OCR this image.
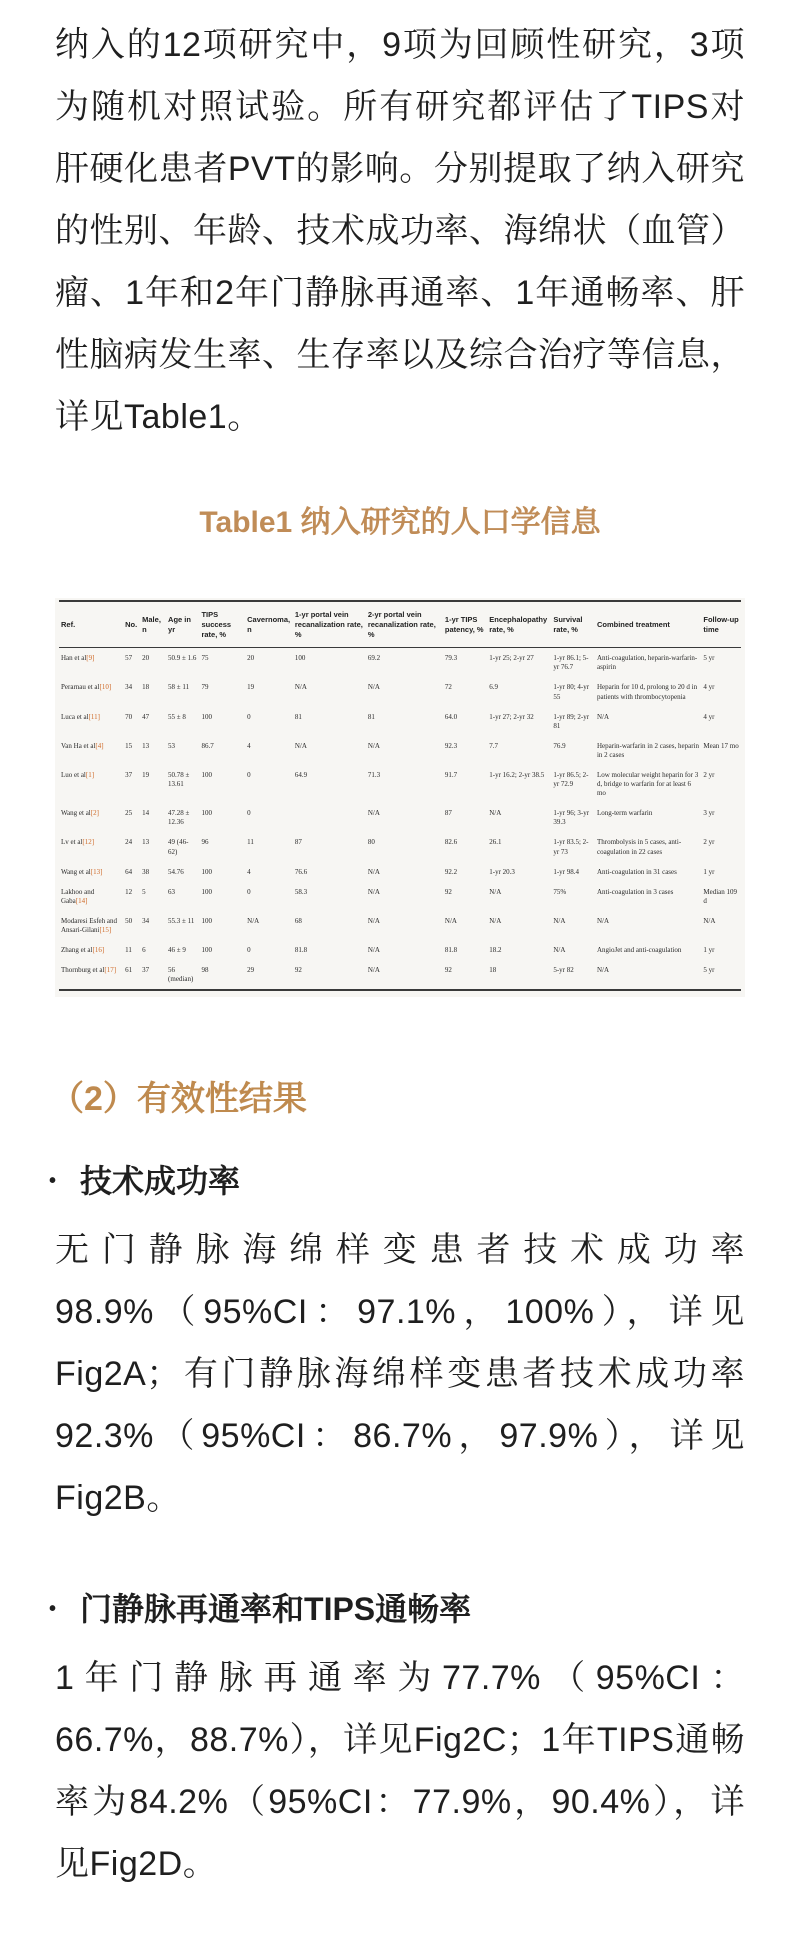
纳入的12项研究中，9项为回顾性研究，3项为随机对照试验。所有研究都评估了TIPS对肝硬化患者PVT的影响。分别提取了纳入研究的性别、年龄、技术成功率、海绵状（血管）瘤、1年和2年门静脉再通率、1年通畅率、肝性脑病发生率、生存率以及综合治疗等信息，详见Table1。

Table1 纳入研究的人口学信息
Ref.	No.	Male, n	Age in yr	TIPS success rate, %	Cavernoma, n	1-yr portal vein recanalization rate, %	2-yr portal vein recanalization rate, %	1-yr TIPS patency, %	Encephalopathy rate, %	Survival rate, %	Combined treatment	Follow-up time
Han et al[9]	57	20	50.9 ± 1.6	75	20	100	69.2	79.3	1-yr 25; 2-yr 27	1-yr 86.1; 5-yr 76.7	Anti-coagulation, heparin-warfarin-aspirin	5 yr
Perarnau et al[10]	34	18	58 ± 11	79	19	N/A	N/A	72	6.9	1-yr 80; 4-yr 55	Heparin for 10 d, prolong to 20 d in patients with thrombocytopenia	4 yr
Luca et al[11]	70	47	55 ± 8	100	0	81	81	64.0	1-yr 27; 2-yr 32	1-yr 89; 2-yr 81	N/A	4 yr
Van Ha et al[4]	15	13	53	86.7	4	N/A	N/A	92.3	7.7	76.9	Heparin-warfarin in 2 cases, heparin in 2 cases	Mean 17 mo
Luo et al[1]	37	19	50.78 ± 13.61	100	0	64.9	71.3	91.7	1-yr 16.2; 2-yr 38.5	1-yr 86.5; 2-yr 72.9	Low molecular weight heparin for 3 d, bridge to warfarin for at least 6 mo	2 yr
Wang et al[2]	25	14	47.28 ± 12.36	100	0		N/A	87	N/A	1-yr 96; 3-yr 39.3	Long-term warfarin	3 yr
Lv et al[12]	24	13	49 (46-62)	96	11	87	80	82.6	26.1	1-yr 83.5; 2-yr 73	Thrombolysis in 5 cases, anti-coagulation in 22 cases	2 yr
Wang et al[13]	64	38	54.76	100	4	76.6	N/A	92.2	1-yr 20.3	1-yr 98.4	Anti-coagulation in 31 cases	1 yr
Lakhoo and Gaba[14]	12	5	63	100	0	58.3	N/A	92	N/A	75%	Anti-coagulation in 3 cases	Median 109 d
Modaresi Esfeh and Ansari-Gilani[15]	50	34	55.3 ± 11	100	N/A	68	N/A	N/A	N/A	N/A	N/A	N/A
Zhang et al[16]	11	6	46 ± 9	100	0	81.8	N/A	81.8	18.2	N/A	AngioJet and anti-coagulation	1 yr
Thornburg et al[17]	61	37	56 (median)	98	29	92	N/A	92	18	5-yr 82	N/A	5 yr
（2）有效性结果
• 技术成功率

无门静脉海绵样变患者技术成功率98.9%（95%CI：97.1%，100%），详见Fig2A；有门静脉海绵样变患者技术成功率92.3%（95%CI：86.7%，97.9%），详见Fig2B。

• 门静脉再通率和TIPS通畅率

1年门静脉再通率为77.7%（95%CI：66.7%，88.7%），详见Fig2C；1年TIPS通畅率为84.2%（95%CI：77.9%，90.4%），详见Fig2D。
